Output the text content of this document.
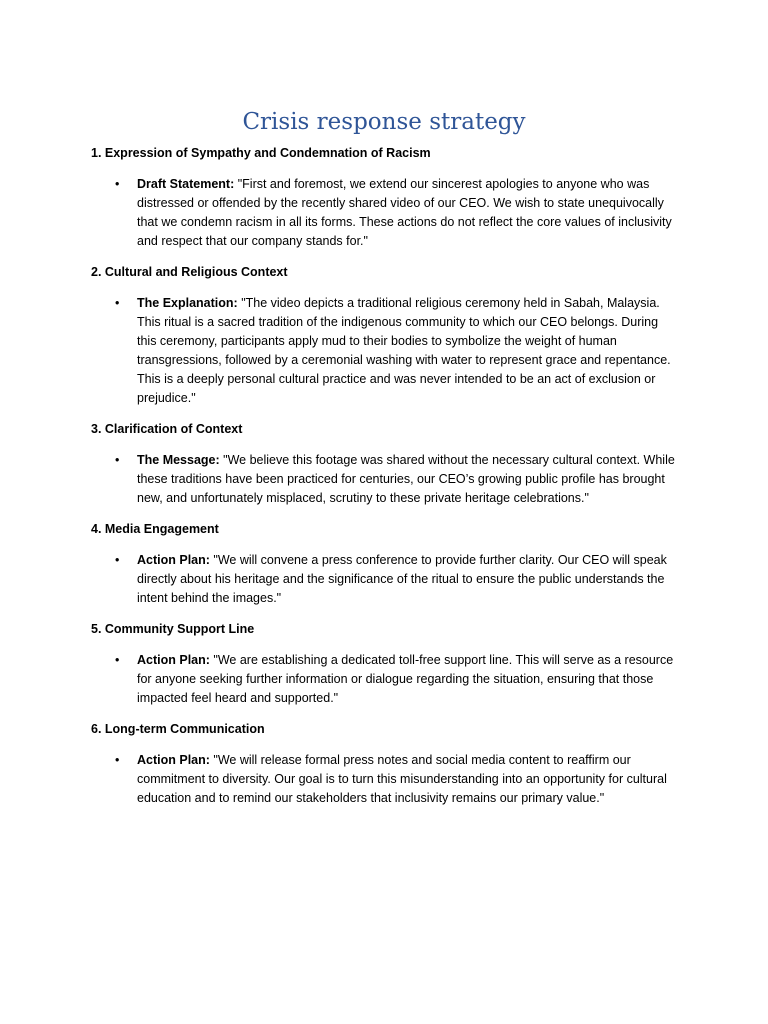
Crisis response strategy

1. Expression of Sympathy and Condemnation of Racism

•	Draft Statement: "First and foremost, we extend our sincerest apologies to anyone who was distressed or offended by the recently shared video of our CEO. We wish to state unequivocally that we condemn racism in all its forms. These actions do not reflect the core values of inclusivity and respect that our company stands for."

2. Cultural and Religious Context

•	The Explanation: "The video depicts a traditional religious ceremony held in Sabah, Malaysia. This ritual is a sacred tradition of the indigenous community to which our CEO belongs. During this ceremony, participants apply mud to their bodies to symbolize the weight of human transgressions, followed by a ceremonial washing with water to represent grace and repentance. This is a deeply personal cultural practice and was never intended to be an act of exclusion or prejudice."

3. Clarification of Context

•	The Message: "We believe this footage was shared without the necessary cultural context. While these traditions have been practiced for centuries, our CEO’s growing public profile has brought new, and unfortunately misplaced, scrutiny to these private heritage celebrations."

4. Media Engagement

•	Action Plan: "We will convene a press conference to provide further clarity. Our CEO will speak directly about his heritage and the significance of the ritual to ensure the public understands the intent behind the images."

5. Community Support Line

•	Action Plan: "We are establishing a dedicated toll-free support line. This will serve as a resource for anyone seeking further information or dialogue regarding the situation, ensuring that those impacted feel heard and supported."

6. Long-term Communication

•	Action Plan: "We will release formal press notes and social media content to reaffirm our commitment to diversity. Our goal is to turn this misunderstanding into an opportunity for cultural education and to remind our stakeholders that inclusivity remains our primary value."
